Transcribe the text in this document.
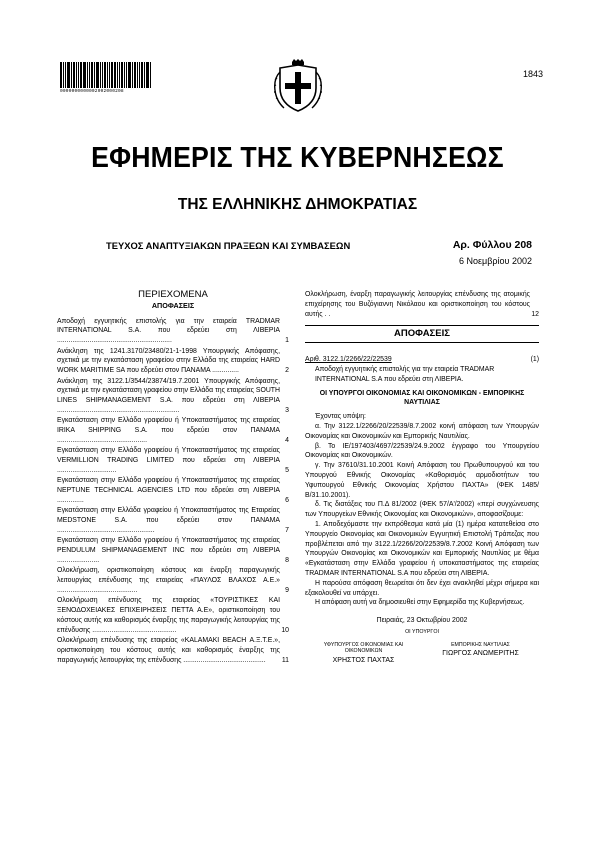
0000000000002002000208
1843
ΕΦΗΜΕΡΙΣ ΤΗΣ ΚΥΒΕΡΝΗΣΕΩΣ
ΤΗΣ ΕΛΛΗΝΙΚΗΣ ΔΗΜΟΚΡΑΤΙΑΣ
ΤΕΥΧΟΣ ΑΝΑΠΤΥΞΙΑΚΩΝ ΠΡΑΞΕΩΝ ΚΑΙ ΣΥΜΒΑΣΕΩΝ	Αρ. Φύλλου 208
6 Νοεμβρίου 2002
ΠΕΡΙΕΧΟΜΕΝΑ
ΑΠΟΦΑΣΕΙΣ
Αποδοχή εγγυητικής επιστολής για την εταιρεία TRADMAR INTERNATIONAL S.A. που εδρεύει στη ΛΙΒΕΡΙΑ ............................................................	1
Ανάκληση της 1241.3170/23480/21-1-1998 Υπουργικής Απόφασης, σχετικά με την εγκατάσταση γραφείου στην Ελλάδα της εταιρείας HARD WORK MARITIME SA που εδρεύει στον ΠΑΝΑΜΑ ..............	2
Ανάκληση της 3122.1/3544/23874/19.7.2001 Υπουργικής Απόφασης, σχετικά με την εγκατάσταση γραφείου στην Ελλάδα της εταιρείας SOUTH LINES SHIPMANAGEMENT S.A. που εδρεύει στη ΛΙΒΕΡΙΑ ................................................................	3
Εγκατάσταση στην Ελλάδα γραφείου ή Υποκαταστήματος της εταιρείας IRIKA SHIPPING S.A. που εδρεύει στον ΠΑΝΑΜΑ ...............................................	4
Εγκατάσταση στην Ελλάδα γραφείου ή Υποκαταστήματος της εταιρείας VERMILLION TRADING LIMITED που εδρεύει στη ΛΙΒΕΡΙΑ ...............................	5
Εγκατάσταση στην Ελλάδα γραφείου ή Υποκαταστήματος της εταιρείας NEPTUNE TECHNICAL AGENCIES LTD που εδρεύει στη ΛΙΒΕΡΙΑ ..............	6
Εγκατάσταση στην Ελλάδα γραφείου ή Υποκαταστήματος της Εταιρείας MEDSTONE S.A. που εδρεύει στον ΠΑΝΑΜΑ ...................................................	7
Εγκατάσταση στην Ελλάδα γραφείου ή Υποκαταστήματος της εταιρείας PENDULUM SHIPMANAGEMENT INC που εδρεύει στη ΛΙΒΕΡΙΑ ......................	8
Ολοκλήρωση, οριστικοποίηση κόστους και έναρξη παραγωγικής λειτουργίας επένδυσης της εταιρείας «ΠΑΥΛΟΣ ΒΛΑΧΟΣ Α.Ε.» ..........................................	9
Ολοκλήρωση επένδυσης της εταιρείας «ΤΟΥΡΙΣΤΙΚΕΣ ΚΑΙ ΞΕΝΟΔΟΧΕΙΑΚΕΣ ΕΠΙΧΕΙΡΗΣΕΙΣ ΠΕΤΤΑ Α.Ε», οριστικοποίηση του κόστους αυτής και καθορισμός έναρξης της παραγωγικής λειτουργίας της επένδυσης ............................................	10
Ολοκλήρωση επένδυσης της εταιρείας «KALAMAKI BEACH Α.Ξ.Τ.Ε.», οριστικοποίηση του κόστους αυτής και καθορισμός έναρξης της παραγωγικής λειτουργίας της επένδυσης ...........................................	11
Ολοκλήρωση, έναρξη παραγωγικής λειτουργίας επένδυσης της ατομικής επιχείρησης του Βυζόγιαννη Νικόλαου και οριστικοποίηση του κόστους αυτής . .	12
ΑΠΟΦΑΣΕΙΣ
Αριθ. 3122.1/2266/22/22539	(1)
Αποδοχή εγγυητικής επιστολής για την εταιρεία TRADMAR INTERNATIONAL S.A που εδρεύει στη ΛΙΒΕΡΙΑ.
ΟΙ ΥΠΟΥΡΓΟΙ ΟΙΚΟΝΟΜΙΑΣ ΚΑΙ ΟΙΚΟΝΟΜΙΚΩΝ - ΕΜΠΟΡΙΚΗΣ ΝΑΥΤΙΛΙΑΣ
Έχοντας υπόψη:
α. Την 3122.1/2266/20/22539/8.7.2002 κοινή απόφαση των Υπουργών Οικονομίας και Οικονομικών και Εμπορικής Ναυτιλίας.
β. Το ΙΕ/197403/4697/22539/24.9.2002 έγγραφο του Υπουργείου Οικονομίας και Οικονομικών.
γ. Την 37610/31.10.2001 Κοινή Απόφαση του Πρωθυπουργού και του Υπουργού Εθνικής Οικονομίας «Καθορισμός αρμοδιοτήτων του Υφυπουργού Εθνικής Οικονομίας Χρήστου ΠΑΧΤΑ» (ΦΕΚ 1485/Β/31.10.2001).
δ. Τις διατάξεις του Π.Δ 81/2002 (ΦΕΚ 57/Α'/2002) «περί συγχώνευσης των Υπουργείων Εθνικής Οικονομίας και Οικονομικών», αποφασίζουμε:
1. Αποδεχόμαστε την εκπρόθεσμα κατά μία (1) ημέρα κατατεθείσα στο Υπουργείο Οικονομίας και Οικονομικών Εγγυητική Επιστολή Τράπεζας που προβλέπεται από την 3122.1/2266/20/22539/8.7.2002 Κοινή Απόφαση των Υπουργών Οικονομίας και Οικονομικών και Εμπορικής Ναυτιλίας με θέμα «Εγκατάσταση στην Ελλάδα γραφείου ή υποκαταστήματος της εταιρείας TRADMAR INTERNATIONAL S.A που εδρεύει στη ΛΙΒΕΡΙΑ.
Η παρούσα απόφαση θεωρείται ότι δεν έχει ανακληθεί μέχρι σήμερα και εξακολουθεί να υπάρχει.
Η απόφαση αυτή να δημοσιευθεί στην Εφημερίδα της Κυβερνήσεως.
Πειραιάς, 23 Οκτωβρίου 2002
ΟΙ ΥΠΟΥΡΓΟΙ
ΥΦΥΠΟΥΡΓΟΣ ΟΙΚΟΝΟΜΙΑΣ ΚΑΙ ΟΙΚΟΝΟΜΙΚΩΝ
ΧΡΗΣΤΟΣ ΠΑΧΤΑΣ
ΕΜΠΟΡΙΚΗΣ ΝΑΥΤΙΛΙΑΣ
ΓΙΩΡΓΟΣ ΑΝΩΜΕΡΙΤΗΣ
